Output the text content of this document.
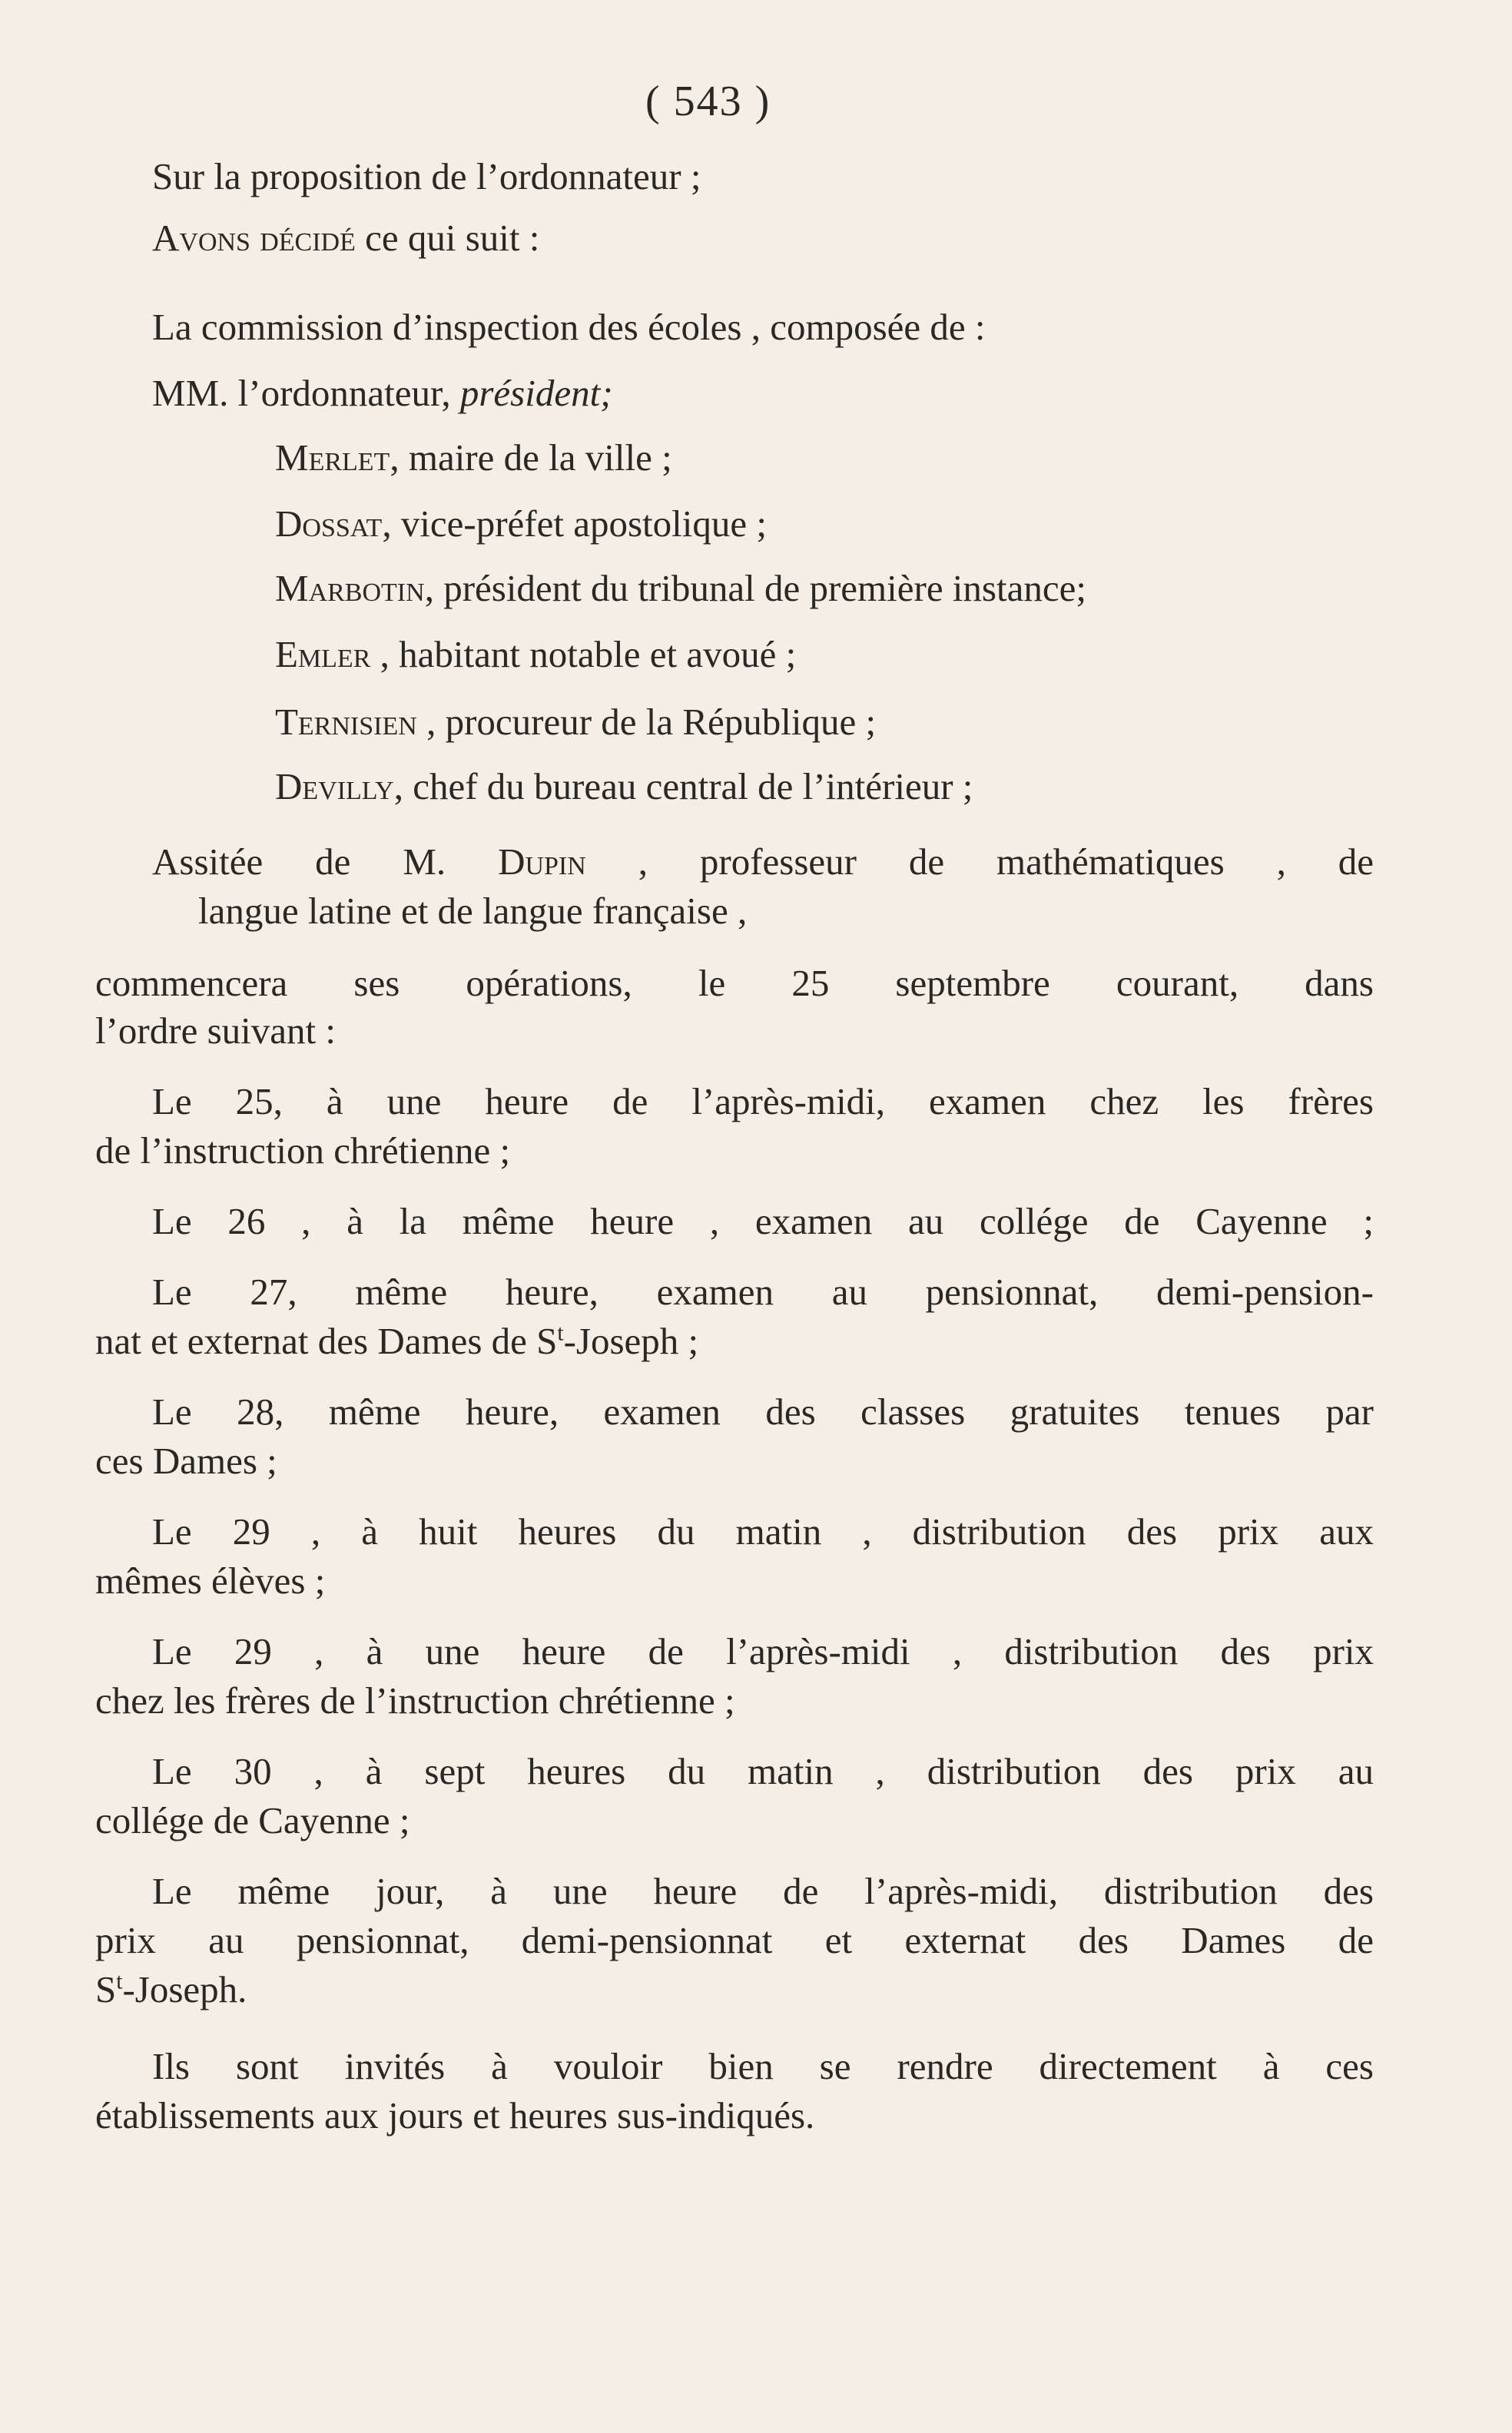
( 543 )

Sur la proposition de l’ordonnateur ;

Avons décidé ce qui suit :

La commission d’inspection des écoles , composée de :

MM. l’ordonnateur, président;

Merlet, maire de la ville ;

Dossat, vice-préfet apostolique ;

Marbotin, président du tribunal de première instance;

Emler , habitant notable et avoué ;

Ternisien , procureur de la République ;

Devilly, chef du bureau central de l’intérieur ;

Assitée de M. Dupin , professeur de mathématiques , de

langue latine et de langue française ,

commencera ses opérations, le 25 septembre courant, dans

l’ordre suivant :

Le 25, à une heure de l’après-midi, examen chez les frères

de l’instruction chrétienne ;

Le 26 , à la même heure , examen au collége de Cayenne ;

Le 27, même heure, examen au pensionnat, demi-pension-

nat et externat des Dames de $S^t$-Joseph ;

Le 28, même heure, examen des classes gratuites tenues par

ces Dames ;

Le 29 , à huit heures du matin , distribution des prix aux

mêmes élèves ;

Le 29 , à une heure de l’après-midi , distribution des prix

chez les frères de l’instruction chrétienne ;

Le 30 , à sept heures du matin , distribution des prix au

collége de Cayenne ;

Le même jour, à une heure de l’après-midi, distribution des

prix au pensionnat, demi-pensionnat et externat des Dames de

$S^t$-Joseph.

Ils sont invités à vouloir bien se rendre directement à ces

établissements aux jours et heures sus-indiqués.
